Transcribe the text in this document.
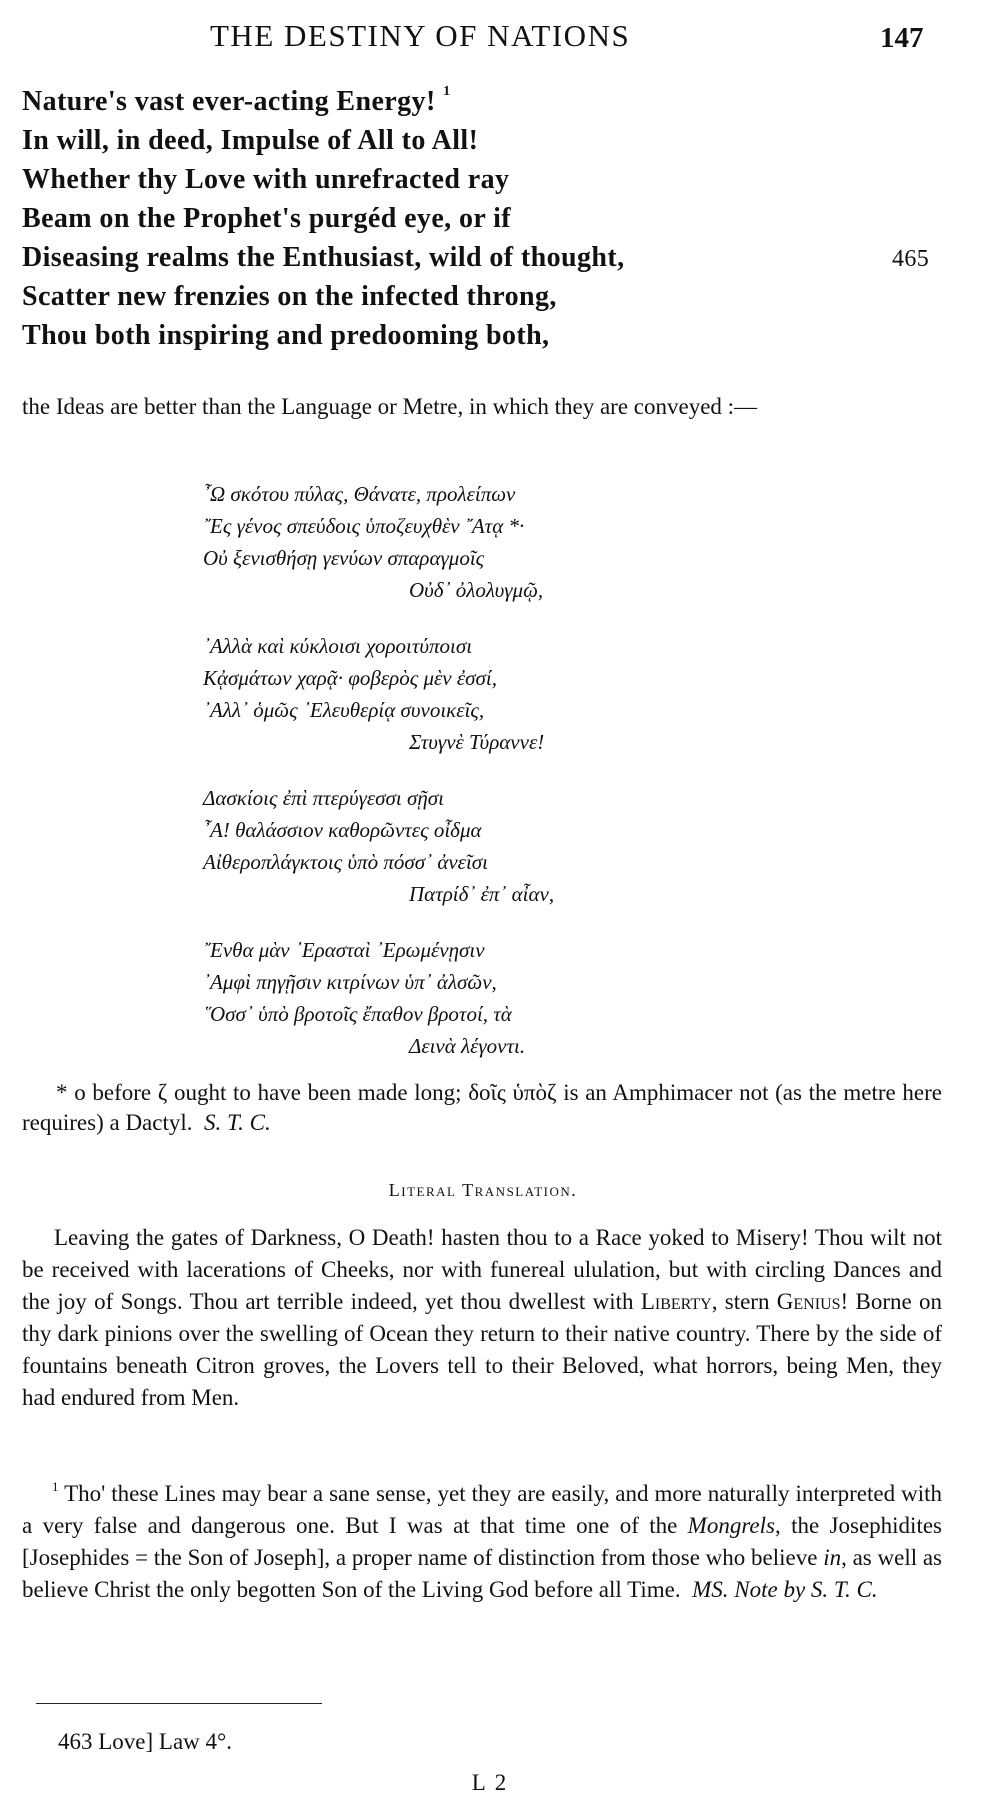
THE DESTINY OF NATIONS	147
Nature's vast ever-acting Energy! $^1$
In will, in deed, Impulse of All to All!
Whether thy Love with unrefracted ray
Beam on the Prophet's purgéd eye, or if
Diseasing realms the Enthusiast, wild of thought,	465
Scatter new frenzies on the infected throng,
Thou both inspiring and predooming both,
the Ideas are better than the Language or Metre, in which they are conveyed :—
῏Ω σκότου πύλας, Θάνατε, προλείπων
῎Ες γένος σπεύδοις ὑπoζευχθὲν ῎Ατᾳ *·
Οὐ ξενισθήσῃ γενύων σπαραγμοῖς
Οὐδ᾽ ὀλολυγμῷ,
᾽Αλλὰ καὶ κύκλοισι χοροιτύποισι
Κᾀσμάτων χαρᾷ· φοβερὸς μὲν ἐσσί,
᾽Αλλ᾽ ὁμῶς ᾽Ελευθερίᾳ συνοικεῖς,
Στυγνὲ Τύραννε!
Δασκίοις ἐπὶ πτερύγεσσι σῇσι
῏Α! θαλάσσιον καθορῶντες οἶδμα
Αἰθεροπλάγκτοις ὑπὸ πόσσ᾽ ἀνεῖσι
Πατρίδ᾽ ἐπ᾽ αἶαν,
῎Ενθα μὰν ᾽Ερασταὶ ᾽Ερωμένῃσιν
᾽Αμφὶ πηγῇσιν κιτρίνων ὑπ᾽ ἀλσῶν,
῞Οσσ᾽ ὑπὸ βροτοῖς ἔπαθον βροτοί, τὰ
Δεινὰ λέγοντι.
* ο before ζ ought to have been made long; δοῖς ὑπὸζ is an Amphimacer not (as the metre here requires) a Dactyl. S. T. C.
Literal Translation.

Leaving the gates of Darkness, O Death! hasten thou to a Race yoked to Misery! Thou wilt not be received with lacerations of Cheeks, nor with funereal ululation, but with circling Dances and the joy of Songs. Thou art terrible indeed, yet thou dwellest with Liberty, stern Genius! Borne on thy dark pinions over the swelling of Ocean they return to their native country. There by the side of fountains beneath Citron groves, the Lovers tell to their Beloved, what horrors, being Men, they had endured from Men.

$^1$ Tho' these Lines may bear a sane sense, yet they are easily, and more naturally interpreted with a very false and dangerous one. But I was at that time one of the Mongrels, the Josephidites [Josephides = the Son of Joseph], a proper name of distinction from those who believe in, as well as believe Christ the only begotten Son of the Living God before all Time. MS. Note by S. T. C.
463 Love] Law 4°.
L 2
